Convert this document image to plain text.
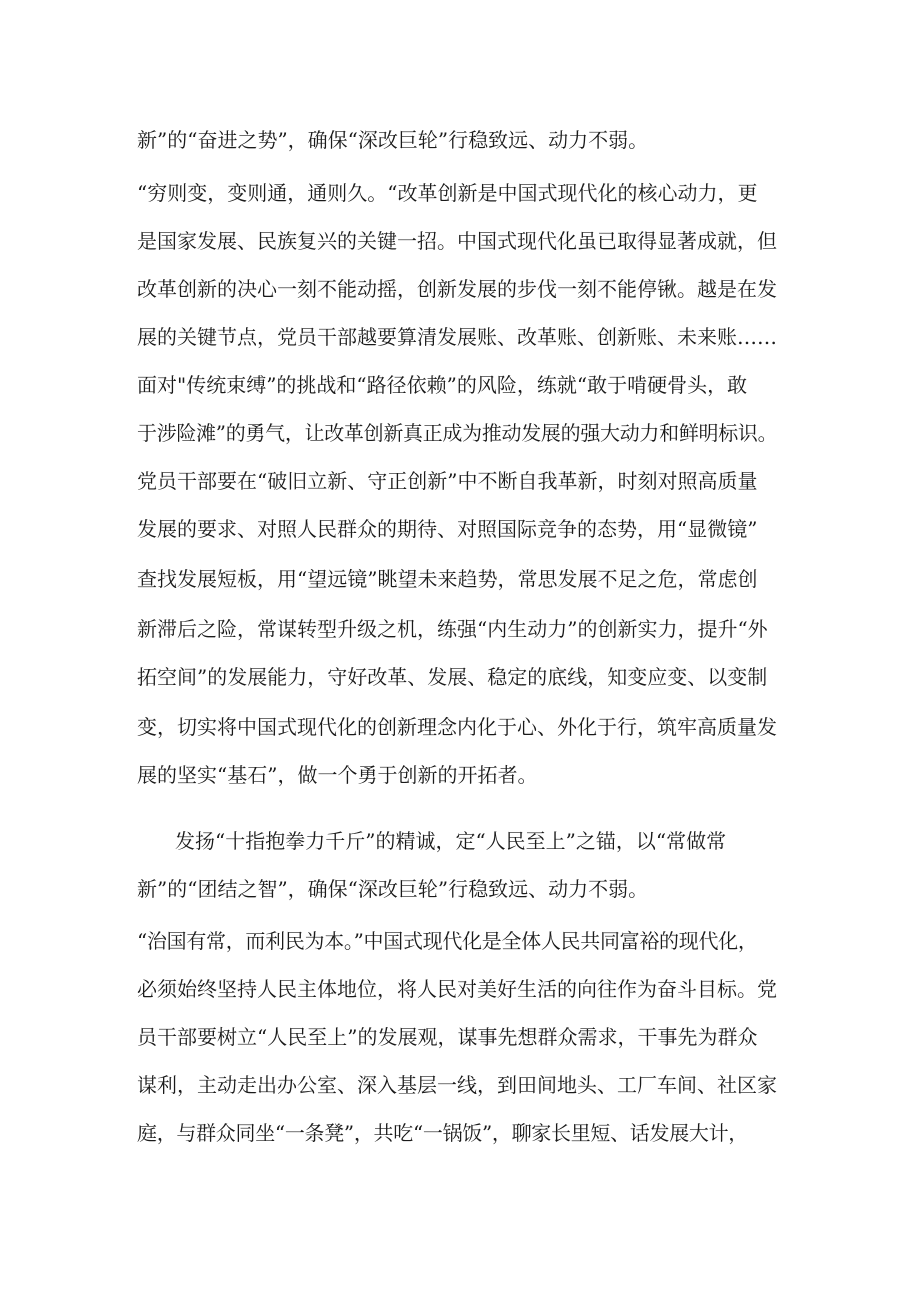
新”的“奋进之势”，确保“深改巨轮”行稳致远、动力不弱。
“穷则变，变则通，通则久。“改革创新是中国式现代化的核心动力，更
是国家发展、民族复兴的关键一招。中国式现代化虽已取得显著成就，但
改革创新的决心一刻不能动摇，创新发展的步伐一刻不能停锹。越是在发
展的关键节点，党员干部越要算清发展账、改革账、创新账、未来账……
面对"传统束缚”的挑战和“路径依赖”的风险，练就“敢于啃硬骨头，敢
于涉险滩”的勇气，让改革创新真正成为推动发展的强大动力和鲜明标识。
党员干部要在“破旧立新、守正创新”中不断自我革新，时刻对照高质量
发展的要求、对照人民群众的期待、对照国际竞争的态势，用“显微镜”
查找发展短板，用“望远镜”眺望未来趋势，常思发展不足之危，常虑创
新滞后之险，常谋转型升级之机，练强“内生动力”的创新实力，提升“外
拓空间”的发展能力，守好改革、发展、稳定的底线，知变应变、以变制
变，切实将中国式现代化的创新理念内化于心、外化于行，筑牢高质量发
展的坚实“基石”，做一个勇于创新的开拓者。
发扬“十指抱拳力千斤”的精诚，定“人民至上”之锚，以“常做常
新”的“团结之智”，确保“深改巨轮”行稳致远、动力不弱。
“治国有常，而利民为本。”中国式现代化是全体人民共同富裕的现代化，
必须始终坚持人民主体地位，将人民对美好生活的向往作为奋斗目标。党
员干部要树立“人民至上”的发展观，谋事先想群众需求，干事先为群众
谋利，主动走出办公室、深入基层一线，到田间地头、工厂车间、社区家
庭，与群众同坐“一条凳”，共吃“一锅饭”，聊家长里短、话发展大计，
